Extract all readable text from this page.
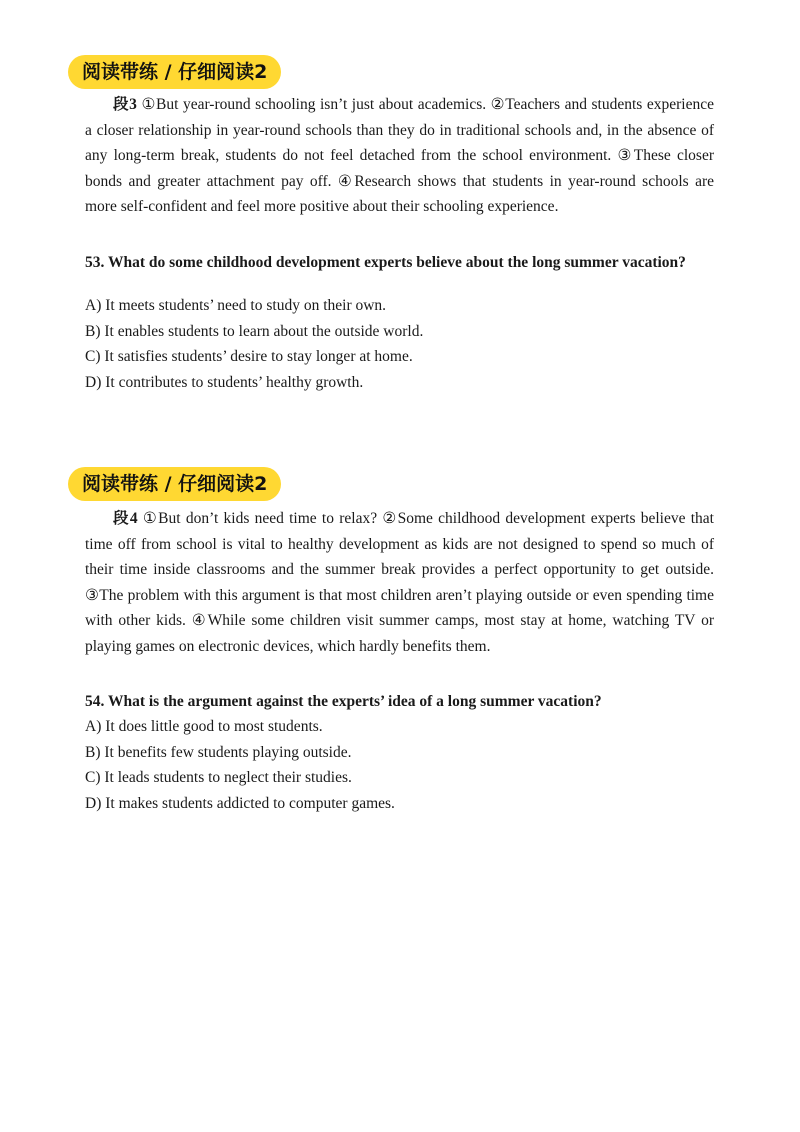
阅读带练 / 仔细阅读2

段3 ①But year-round schooling isn’t just about academics. ②Teachers and students experience a closer relationship in year-round schools than they do in traditional schools and, in the absence of any long-term break, students do not feel detached from the school environment. ③These closer bonds and greater attachment pay off. ④Research shows that students in year-round schools are more self-confident and feel more positive about their schooling experience.

53. What do some childhood development experts believe about the long summer vacation?

A) It meets students’ need to study on their own.
B) It enables students to learn about the outside world.
C) It satisfies students’ desire to stay longer at home.
D) It contributes to students’ healthy growth.
阅读带练 / 仔细阅读2

段4 ①But don’t kids need time to relax? ②Some childhood development experts believe that time off from school is vital to healthy development as kids are not designed to spend so much of their time inside classrooms and the summer break provides a perfect opportunity to get outside. ③The problem with this argument is that most children aren’t playing outside or even spending time with other kids. ④While some children visit summer camps, most stay at home, watching TV or playing games on electronic devices, which hardly benefits them.

54. What is the argument against the experts’ idea of a long summer vacation?

A) It does little good to most students.
B) It benefits few students playing outside.
C) It leads students to neglect their studies.
D) It makes students addicted to computer games.
